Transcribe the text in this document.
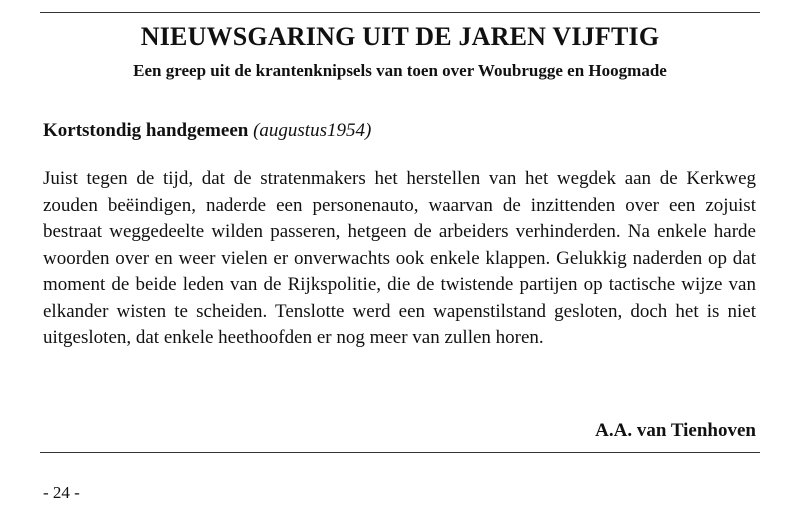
NIEUWSGARING UIT DE JAREN VIJFTIG

Een greep uit de krantenknipsels van toen over Woubrugge en Hoogmade

Kortstondig handgemeen (augustus1954)

Juist tegen de tijd, dat de stratenmakers het herstellen van het wegdek aan de Kerkweg zouden beëindigen, naderde een personenauto, waarvan de inzittenden over een zojuist bestraat weggedeelte wilden passeren, hetgeen de arbeiders verhinderden. Na enkele harde woorden over en weer vielen er onverwachts ook enkele klappen. Gelukkig naderden op dat moment de beide leden van de Rijkspolitie, die de twistende partijen op tactische wijze van elkander wisten te scheiden. Tenslotte werd een wapenstilstand gesloten, doch het is niet uitgesloten, dat enkele heethoofden er nog meer van zullen horen.

A.A. van Tienhoven

- 24 -
